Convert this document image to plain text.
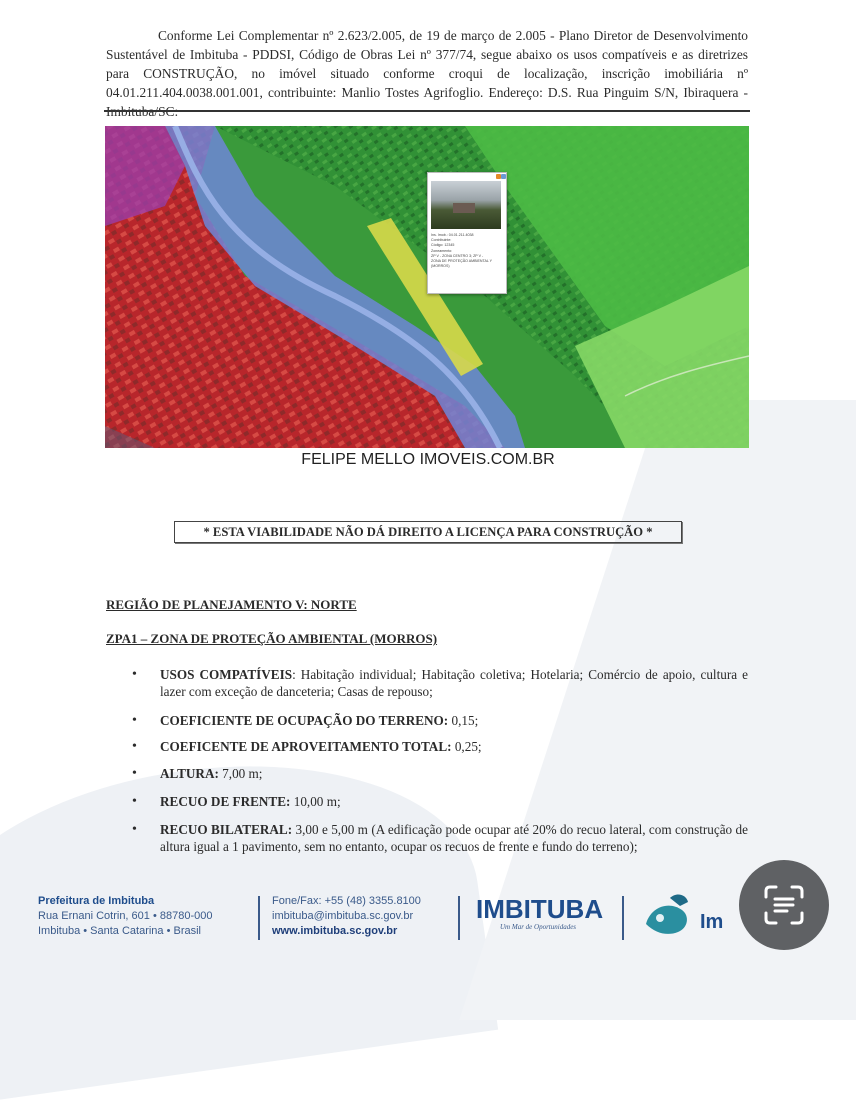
Conforme Lei Complementar nº 2.623/2.005, de 19 de março de 2.005 - Plano Diretor de Desenvolvimento Sustentável de Imbituba - PDDSI, Código de Obras Lei nº 377/74, segue abaixo os usos compatíveis e as diretrizes para CONSTRUÇÃO, no imóvel situado conforme croqui de localização, inscrição imobiliária nº 04.01.211.404.0038.001.001, contribuinte: Manlio Tostes Agrifoglio. Endereço: D.S. Rua Pinguim S/N, Ibiraquera -

Ins. Imob.: 04.01.211.4038
Contribuinte:
Código: 12345
Zoneamento:
ZP V - ZONA CENTRO 3; ZP V -
ZONA DE PROTEÇÃO AMBIENTAL Y
(MORROS)
FELIPE MELLO IMOVEIS.COM.BR
* ESTA VIABILIDADE NÃO DÁ DIREITO A LICENÇA PARA CONSTRUÇÃO *
REGIÃO DE PLANEJAMENTO V: NORTE
ZPA1 – ZONA DE PROTEÇÃO AMBIENTAL (MORROS)
• USOS COMPATÍVEIS: Habitação individual; Habitação coletiva; Hotelaria; Comércio de apoio, cultura e lazer com exceção de danceteria; Casas de repouso;
• COEFICIENTE DE OCUPAÇÃO DO TERRENO: 0,15;
• COEFICENTE DE APROVEITAMENTO TOTAL: 0,25;
• ALTURA: 7,00 m;
• RECUO DE FRENTE: 10,00 m;
• RECUO BILATERAL: 3,00 e 5,00 m (A edificação pode ocupar até 20% do recuo lateral, com construção de altura igual a 1 pavimento, sem no entanto, ocupar os recuos de frente e fundo do terreno);
Prefeitura de Imbituba
Rua Ernani Cotrin, 601 • 88780-000
Imbituba • Santa Catarina • Brasil
Fone/Fax: +55 (48) 3355.8100
imbituba@imbituba.sc.gov.br
www.imbituba.sc.gov.br
IMBITUBA
Um Mar de Oportunidades	Im
